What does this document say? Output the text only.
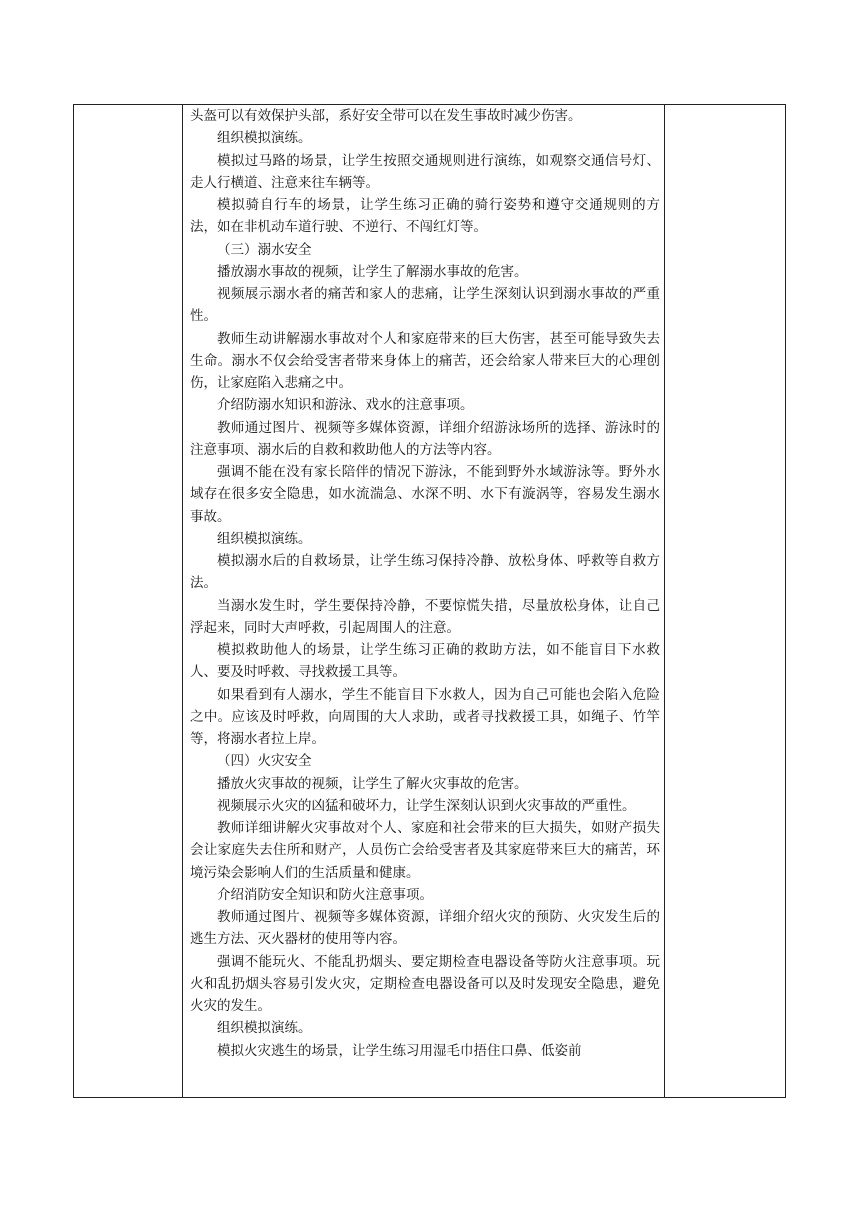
头盔可以有效保护头部，系好安全带可以在发生事故时减少伤害。

组织模拟演练。

模拟过马路的场景，让学生按照交通规则进行演练，如观察交通信号灯、走人行横道、注意来往车辆等。

模拟骑自行车的场景，让学生练习正确的骑行姿势和遵守交通规则的方法，如在非机动车道行驶、不逆行、不闯红灯等。

（三）溺水安全

播放溺水事故的视频，让学生了解溺水事故的危害。

视频展示溺水者的痛苦和家人的悲痛，让学生深刻认识到溺水事故的严重性。

教师生动讲解溺水事故对个人和家庭带来的巨大伤害，甚至可能导致失去生命。溺水不仅会给受害者带来身体上的痛苦，还会给家人带来巨大的心理创伤，让家庭陷入悲痛之中。

介绍防溺水知识和游泳、戏水的注意事项。

教师通过图片、视频等多媒体资源，详细介绍游泳场所的选择、游泳时的注意事项、溺水后的自救和救助他人的方法等内容。

强调不能在没有家长陪伴的情况下游泳，不能到野外水域游泳等。野外水域存在很多安全隐患，如水流湍急、水深不明、水下有漩涡等，容易发生溺水事故。

组织模拟演练。

模拟溺水后的自救场景，让学生练习保持冷静、放松身体、呼救等自救方法。

当溺水发生时，学生要保持冷静，不要惊慌失措，尽量放松身体，让自己浮起来，同时大声呼救，引起周围人的注意。

模拟救助他人的场景，让学生练习正确的救助方法，如不能盲目下水救人、要及时呼救、寻找救援工具等。

如果看到有人溺水，学生不能盲目下水救人，因为自己可能也会陷入危险之中。应该及时呼救，向周围的大人求助，或者寻找救援工具，如绳子、竹竿等，将溺水者拉上岸。

（四）火灾安全

播放火灾事故的视频，让学生了解火灾事故的危害。

视频展示火灾的凶猛和破坏力，让学生深刻认识到火灾事故的严重性。

教师详细讲解火灾事故对个人、家庭和社会带来的巨大损失，如财产损失会让家庭失去住所和财产，人员伤亡会给受害者及其家庭带来巨大的痛苦，环境污染会影响人们的生活质量和健康。

介绍消防安全知识和防火注意事项。

教师通过图片、视频等多媒体资源，详细介绍火灾的预防、火灾发生后的逃生方法、灭火器材的使用等内容。

强调不能玩火、不能乱扔烟头、要定期检查电器设备等防火注意事项。玩火和乱扔烟头容易引发火灾，定期检查电器设备可以及时发现安全隐患，避免火灾的发生。

组织模拟演练。

模拟火灾逃生的场景，让学生练习用湿毛巾捂住口鼻、低姿前
